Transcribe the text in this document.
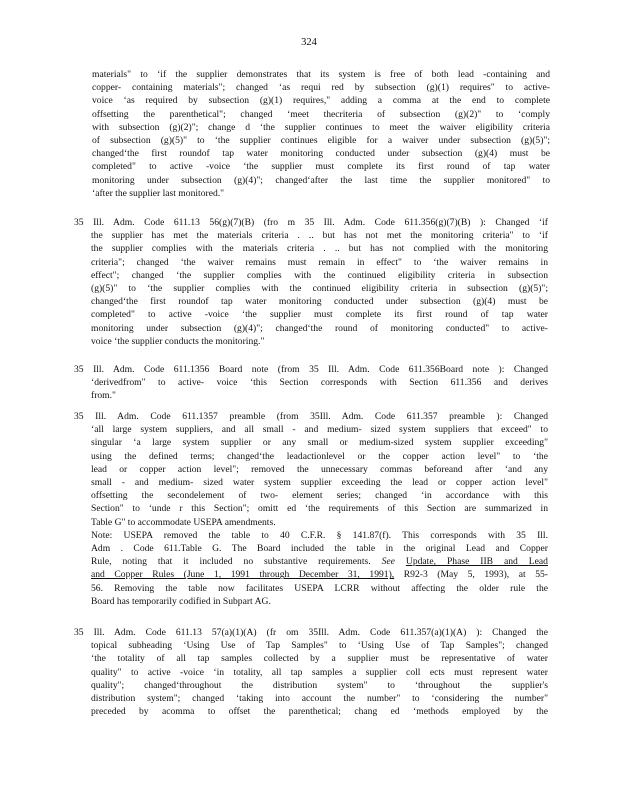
324
materials" to ‘if the supplier demonstrates that its system is free of both lead -containing and
copper- containing materials"; changed ‘as requi red by subsection (g)(1) requires" to active-
voice ‘as required by subsection (g)(1) requires," adding a comma at the end to complete
offsetting the parenthetical"; changed ‘meet thecriteria of subsection (g)(2)" to ‘comply
with subsection (g)(2)"; change d ‘the supplier continues to meet the waiver eligibility criteria
of subsection (g)(5)" to ‘the supplier continues eligible for a waiver under subsection (g)(5)";
changed‘the first roundof tap water monitoring conducted under subsection (g)(4) must be
completed" to active -voice ‘the supplier must complete its first round of tap water
monitoring under subsection (g)(4)"; changed‘after the last time the supplier monitored" to
‘after the supplier last monitored."
35 Ill. Adm. Code 611.13 56(g)(7)(B) (fro m 35 Ill. Adm. Code 611.356(g)(7)(B) ): Changed ‘if
the supplier has met the materials criteria . .. but has not met the monitoring criteria" to ‘if
the supplier complies with the materials criteria . .. but has not complied with the monitoring
criteria"; changed ‘the waiver remains must remain in effect" to ‘the waiver remains in
effect"; changed ‘the supplier complies with the continued eligibility criteria in subsection
(g)(5)" to ‘the supplier complies with the continued eligibility criteria in subsection (g)(5)";
changed‘the first roundof tap water monitoring conducted under subsection (g)(4) must be
completed" to active -voice ‘the supplier must complete its first round of tap water
monitoring under subsection (g)(4)"; changed‘the round of monitoring conducted" to active-
voice ‘the supplier conducts the monitoring."
35 Ill. Adm. Code 611.1356 Board note (from 35 Ill. Adm. Code 611.356Board note ): Changed
‘derivedfrom" to active- voice ‘this Section corresponds with Section 611.356 and derives
from."
35 Ill. Adm. Code 611.1357 preamble (from 35Ill. Adm. Code 611.357 preamble ): Changed
‘all large system suppliers, and all small - and medium- sized system suppliers that exceed" to
singular ‘a large system supplier or any small or medium-sized system supplier exceeding"
using the defined terms; changed‘the leadactionlevel or the copper action level" to ‘the
lead or copper action level"; removed the unnecessary commas beforeand after ‘and any
small - and medium- sized water system supplier exceeding the lead or copper action level"
offsetting the secondelement of two- element series; changed ‘in accordance with this
Section" to ‘unde r this Section"; omitt ed ‘the requirements of this Section are summarized in
Table G" to accommodate USEPA amendments.
Note: USEPA removed the table to 40 C.F.R. § 141.87(f). This corresponds with 35 Ill.
Adm . Code 611.Table G. The Board included the table in the original Lead and Copper
Rule, noting that it included no substantive requirements. See Update, Phase IIB and Lead
and Copper Rules (June 1, 1991 through December 31, 1991), R92-3 (May 5, 1993), at 55-
56. Removing the table now facilitates USEPA LCRR without affecting the older rule the
Board has temporarily codified in Subpart AG.
35 Ill. Adm. Code 611.13 57(a)(1)(A) (fr om 35Ill. Adm. Code 611.357(a)(1)(A) ): Changed the
topical subheading ‘Using Use of Tap Samples" to ‘Using Use of Tap Samples"; changed
‘the totality of all tap samples collected by a supplier must be representative of water
quality" to active -voice ‘in totality, all tap samples a supplier coll ects must represent water
quality"; changed‘throughout the distribution system" to ‘throughout the supplier's
distribution system"; changed ‘taking into account the number" to ‘considering the number"
preceded by acomma to offset the parenthetical; chang ed ‘methods employed by the
